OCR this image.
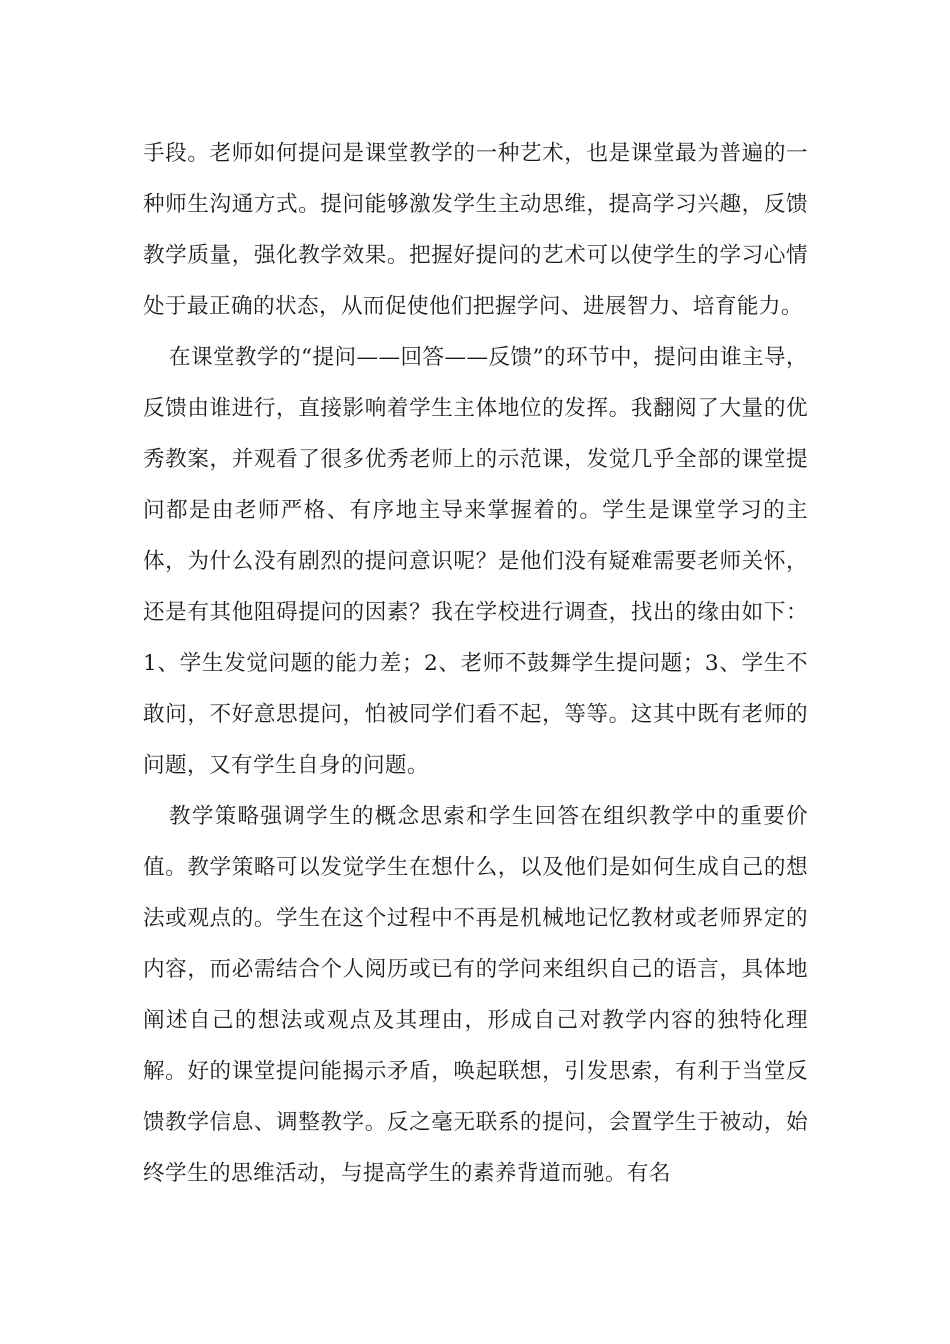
手段。老师如何提问是课堂教学的一种艺术，也是课堂最为普遍的一种师生沟通方式。提问能够激发学生主动思维，提高学习兴趣，反馈教学质量，强化教学效果。把握好提问的艺术可以使学生的学习心情处于最正确的状态，从而促使他们把握学问、进展智力、培育能力。

在课堂教学的“提问——回答——反馈”的环节中，提问由谁主导，反馈由谁进行，直接影响着学生主体地位的发挥。我翻阅了大量的优秀教案，并观看了很多优秀老师上的示范课，发觉几乎全部的课堂提问都是由老师严格、有序地主导来掌握着的。学生是课堂学习的主体，为什么没有剧烈的提问意识呢？是他们没有疑难需要老师关怀，还是有其他阻碍提问的因素？我在学校进行调查，找出的缘由如下：1、学生发觉问题的能力差；2、老师不鼓舞学生提问题；3、学生不敢问，不好意思提问，怕被同学们看不起，等等。这其中既有老师的问题，又有学生自身的问题。

教学策略强调学生的概念思索和学生回答在组织教学中的重要价值。教学策略可以发觉学生在想什么，以及他们是如何生成自己的想法或观点的。学生在这个过程中不再是机械地记忆教材或老师界定的内容，而必需结合个人阅历或已有的学问来组织自己的语言，具体地阐述自己的想法或观点及其理由，形成自己对教学内容的独特化理解。好的课堂提问能揭示矛盾，唤起联想，引发思索，有利于当堂反馈教学信息、调整教学。反之毫无联系的提问，会置学生于被动，始终学生的思维活动，与提高学生的素养背道而驰。有名
